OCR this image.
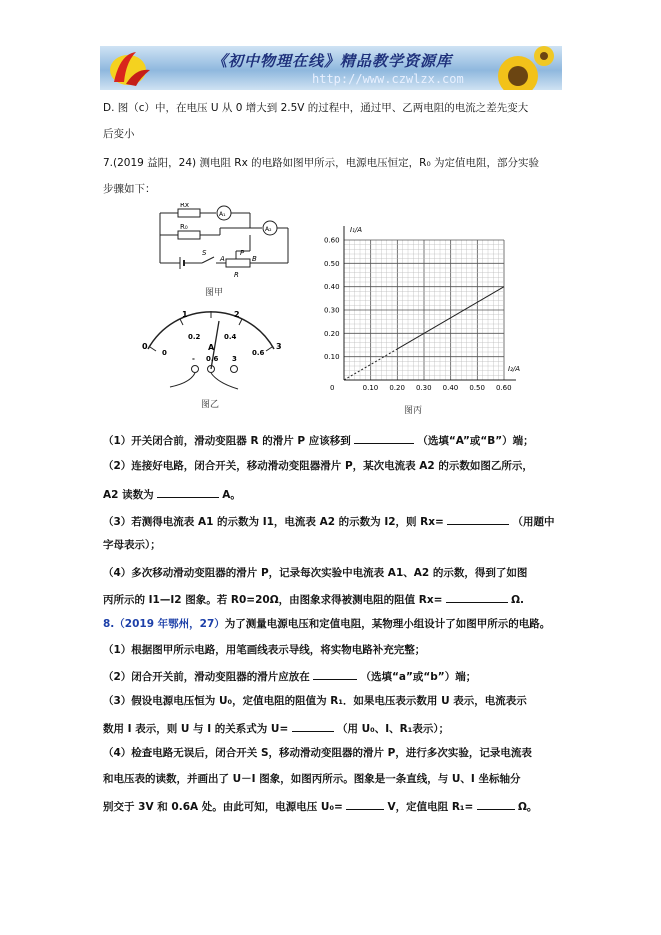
《初中物理在线》精品教学资源库
http://www.czwlzx.com
D. 图（c）中，在电压 U 从 0 增大到 2.5V 的过程中，通过甲、乙两电阻的电流之差先变大
后变小
7.(2019 益阳，24) 测电阻 Rx 的电路如图甲所示，电源电压恒定，R₀ 为定值电阻，部分实验
步骤如下：
Rx
R₀
A₁
A₂
S	P
B
A
R
图甲
0
1	2
3
0
0.2	0.4
0.6
A
- 0.6 3
图乙
I₁/A
I₂/A
图丙
0	0.10 0.20 0.30 0.40 0.50 0.60
0.10
0.20
0.30
0.40
0.50
0.60
（1）开关闭合前，滑动变阻器 R 的滑片 P 应该移到	（选填“A”或“B”）端；
（2）连接好电路，闭合开关，移动滑动变阻器滑片 P，某次电流表 A2 的示数如图乙所示，
A2 读数为	A。
（3）若测得电流表 A1 的示数为 I1，电流表 A2 的示数为 I2，则 Rx=	（用题中
字母表示）；
（4）多次移动滑动变阻器的滑片 P，记录每次实验中电流表 A1、A2 的示数，得到了如图
丙所示的 I1—I2 图象。若 R0=20Ω，由图象求得被测电阻的阻值 Rx=	Ω.
8.（2019 年鄂州，27）为了测量电源电压和定值电阻，某物理小组设计了如图甲所示的电路。
（1）根据图甲所示电路，用笔画线表示导线，将实物电路补充完整；
（2）闭合开关前，滑动变阻器的滑片应放在	（选填“a”或“b”）端；
（3）假设电源电压恒为 U₀，定值电阻的阻值为 R₁．如果电压表示数用 U 表示，电流表示
数用 I 表示，则 U 与 I 的关系式为 U=	（用 U₀、I、R₁表示）；
（4）检查电路无误后，闭合开关 S，移动滑动变阻器的滑片 P，进行多次实验，记录电流表
和电压表的读数，并画出了 U－I 图象，如图丙所示。图象是一条直线，与 U、I 坐标轴分
别交于 3V 和 0.6A 处。由此可知，电源电压 U₀=	V，定值电阻 R₁=	Ω。
